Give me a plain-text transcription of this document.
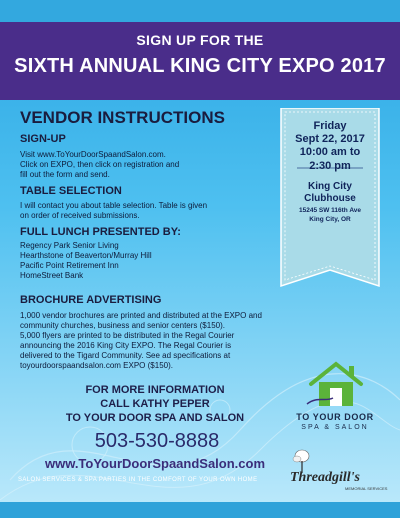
SIGN UP FOR THE
SIXTH ANNUAL KING CITY EXPO 2017
VENDOR INSTRUCTIONS
SIGN-UP
Visit www.ToYourDoorSpaandSalon.com.
Click on EXPO, then click on registration and
fill out the form and send.
TABLE SELECTION
I will contact you about table selection. Table is given
on order of received submissions.
FULL LUNCH PRESENTED BY:
Regency Park Senior Living
Hearthstone of Beaverton/Murray Hill
Pacific Point Retirement Inn
HomeStreet Bank
BROCHURE ADVERTISING
1,000 vendor brochures are printed and distributed at the EXPO and
community churches, business and senior centers ($150).
5,000 flyers are printed to be distributed in the Regal Courier
announcing the 2016 King City EXPO. The Regal Courier is
delivered to the Tigard Community. See ad specifications at
toyourdoorspaandsalon.com EXPO ($150).
Friday
Sept 22, 2017
10:00 am to
2:30 pm
King City
Clubhouse
15245 SW 116th Ave
King City, OR
FOR MORE INFORMATION
CALL KATHY PEPER
TO YOUR DOOR SPA AND SALON
503-530-8888
www.ToYourDoorSpaandSalon.com
SALON SERVICES & SPA PARTIES IN THE COMFORT OF YOUR OWN HOME
TO YOUR DOOR
SPA & SALON
Threadgill's
MEMORIAL SERVICES
